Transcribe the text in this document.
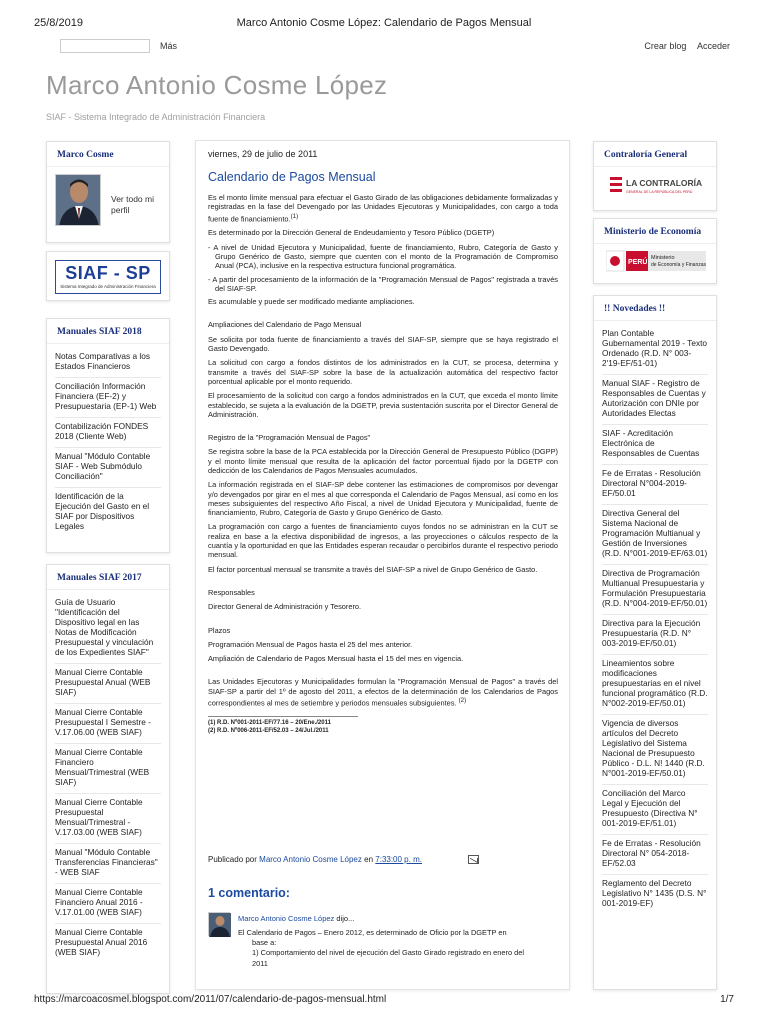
25/8/2019	Marco Antonio Cosme López: Calendario de Pagos Mensual
Más	Crear blog Acceder
Marco Antonio Cosme López
SIAF - Sistema Integrado de Administración Financiera
Marco Cosme
Ver todo mi perfil
SIAF - SP
Sistema Integrado de Administración Financiera
Manuales SIAF 2018
Notas Comparativas a los Estados Financieros
Conciliación Información Financiera (EF-2) y Presupuestaria (EP-1) Web
Contabilización FONDES 2018 (Cliente Web)
Manual "Módulo Contable SIAF - Web Submódulo Conciliación"
Identificación de la Ejecución del Gasto en el SIAF por Dispositivos Legales
Manuales SIAF 2017
Guía de Usuario "Identificación del Dispositivo legal en las Notas de Modificación Presupuestal y vinculación de los Expedientes SIAF"
Manual Cierre Contable Presupuestal Anual (WEB SIAF)
Manual Cierre Contable Presupuestal I Semestre - V.17.06.00 (WEB SIAF)
Manual Cierre Contable Financiero Mensual/Trimestral (WEB SIAF)
Manual Cierre Contable Presupuestal Mensual/Trimestral - V.17.03.00 (WEB SIAF)
Manual "Módulo Contable Transferencias Financieras" - WEB SIAF
Manual Cierre Contable Financiero Anual 2016 - V.17.01.00 (WEB SIAF)
Manual Cierre Contable Presupuestal Anual 2016 (WEB SIAF)
viernes, 29 de julio de 2011
Calendario de Pagos Mensual

Es el monto límite mensual para efectuar el Gasto Girado de las obligaciones debidamente formalizadas y registradas en la fase del Devengado por las Unidades Ejecutoras y Municipalidades, con cargo a toda fuente de financiamiento.$^{(1)}$

Es determinado por la Dirección General de Endeudamiento y Tesoro Público (DGETP)

- A nivel de Unidad Ejecutora y Municipalidad, fuente de financiamiento, Rubro, Categoría de Gasto y Grupo Genérico de Gasto, siempre que cuenten con el monto de la Programación de Compromiso Anual (PCA), inclusive en la respectiva estructura funcional programática.
- A partir del procesamiento de la información de la "Programación Mensual de Pagos" registrada a través del SIAF-SP.

Es acumulable y puede ser modificado mediante ampliaciones.

Ampliaciones del Calendario de Pago Mensual

Se solicita por toda fuente de financiamiento a través del SIAF-SP, siempre que se haya registrado el Gasto Devengado.

La solicitud con cargo a fondos distintos de los administrados en la CUT, se procesa, determina y transmite a través del SIAF-SP sobre la base de la actualización automática del respectivo factor porcentual aplicable por el monto requerido.

El procesamiento de la solicitud con cargo a fondos administrados en la CUT, que exceda el monto límite establecido, se sujeta a la evaluación de la DGETP, previa sustentación suscrita por el Director General de Administración.

Registro de la "Programación Mensual de Pagos"

Se registra sobre la base de la PCA establecida por la Dirección General de Presupuesto Público (DGPP) y el monto límite mensual que resulta de la aplicación del factor porcentual fijado por la DGETP con dedicción de los Calendarios de Pagos Mensuales acumulados.

La información registrada en el SIAF-SP debe contener las estimaciones de compromisos por devengar y/o devengados por girar en el mes al que corresponda el Calendario de Pagos Mensual, así como en los meses subsiguientes del respectivo Año Fiscal, a nivel de Unidad Ejecutora y Municipalidad, fuente de financiamiento, Rubro, Categoría de Gasto y Grupo Genérico de Gasto.

La programación con cargo a fuentes de financiamiento cuyos fondos no se administran en la CUT se realiza en base a la efectiva disponibilidad de ingresos, a las proyecciones o cálculos respecto de la cuantía y la oportunidad en que las Entidades esperan recaudar o percibirlos durante el respectivo periodo mensual.

El factor porcentual mensual se transmite a través del SIAF-SP a nivel de Grupo Genérico de Gasto.

Responsables

Director General de Administración y Tesorero.

Plazos

Programación Mensual de Pagos hasta el 25 del mes anterior.

Ampliación de Calendario de Pagos Mensual hasta el 15 del mes en vigencia.

Las Unidades Ejecutoras y Municipalidades formulan la "Programación Mensual de Pagos" a través del SIAF-SP a partir del 1º de agosto del 2011, a efectos de la determinación de los Calendarios de Pagos correspondientes al mes de setiembre y periodos mensuales subsiguientes. $^{(2)}$

(1) R.D. Nº001-2011-EF/77.16 – 20/Ene./2011
(2) R.D. Nº006-2011-EF/52.03 – 24/Jul./2011
Publicado por Marco Antonio Cosme López en 7:33:00 p. m.
1 comentario:
Marco Antonio Cosme López dijo...
El Calendario de Pagos – Enero 2012, es determinado de Oficio por la DGETP en
base a:
1) Comportamiento del nivel de ejecución del Gasto Girado registrado en enero del
2011
Contraloría General
LA CONTRALORÍA
GENERAL DE LA REPÚBLICA DEL PERÚ
Ministerio de Economía
PERÚ
Ministerio
de Economía y Finanzas
!! Novedades !!
Plan Contable Gubernamental 2019 - Texto Ordenado (R.D. N° 003-2'19-EF/51-01)
Manual SIAF - Registro de Responsables de Cuentas y Autorización con DNIe por Autoridades Electas
SIAF - Acreditación Electrónica de Responsables de Cuentas
Fe de Erratas - Resolución Directoral N°004-2019-EF/50.01
Directiva General del Sistema Nacional de Programación Multianual y Gestión de Inversiones (R.D. N°001-2019-EF/63.01)
Directiva de Programación Multianual Presupuestaria y Formulación Presupuestaria (R.D. N°004-2019-EF/50.01)
Directiva para la Ejecución Presupuestaria (R.D. N° 003-2019-EF/50.01)
Lineamientos sobre modificaciones presupuestarias en el nivel funcional programático (R.D. N°002-2019-EF/50.01)
Vigencia de diversos artículos del Decreto Legislativo del Sistema Nacional de Presupuesto Público - D.L. N! 1440 (R.D. N°001-2019-EF/50.01)
Conciliación del Marco Legal y Ejecución del Presupuesto (Directiva N° 001-2019-EF/51.01)
Fe de Erratas - Resolución Directoral N° 054-2018-EF/52.03
Reglamento del Decreto Legislativo N° 1435 (D.S. N° 001-2019-EF)
https://marcoacosmel.blogspot.com/2011/07/calendario-de-pagos-mensual.html	1/7
